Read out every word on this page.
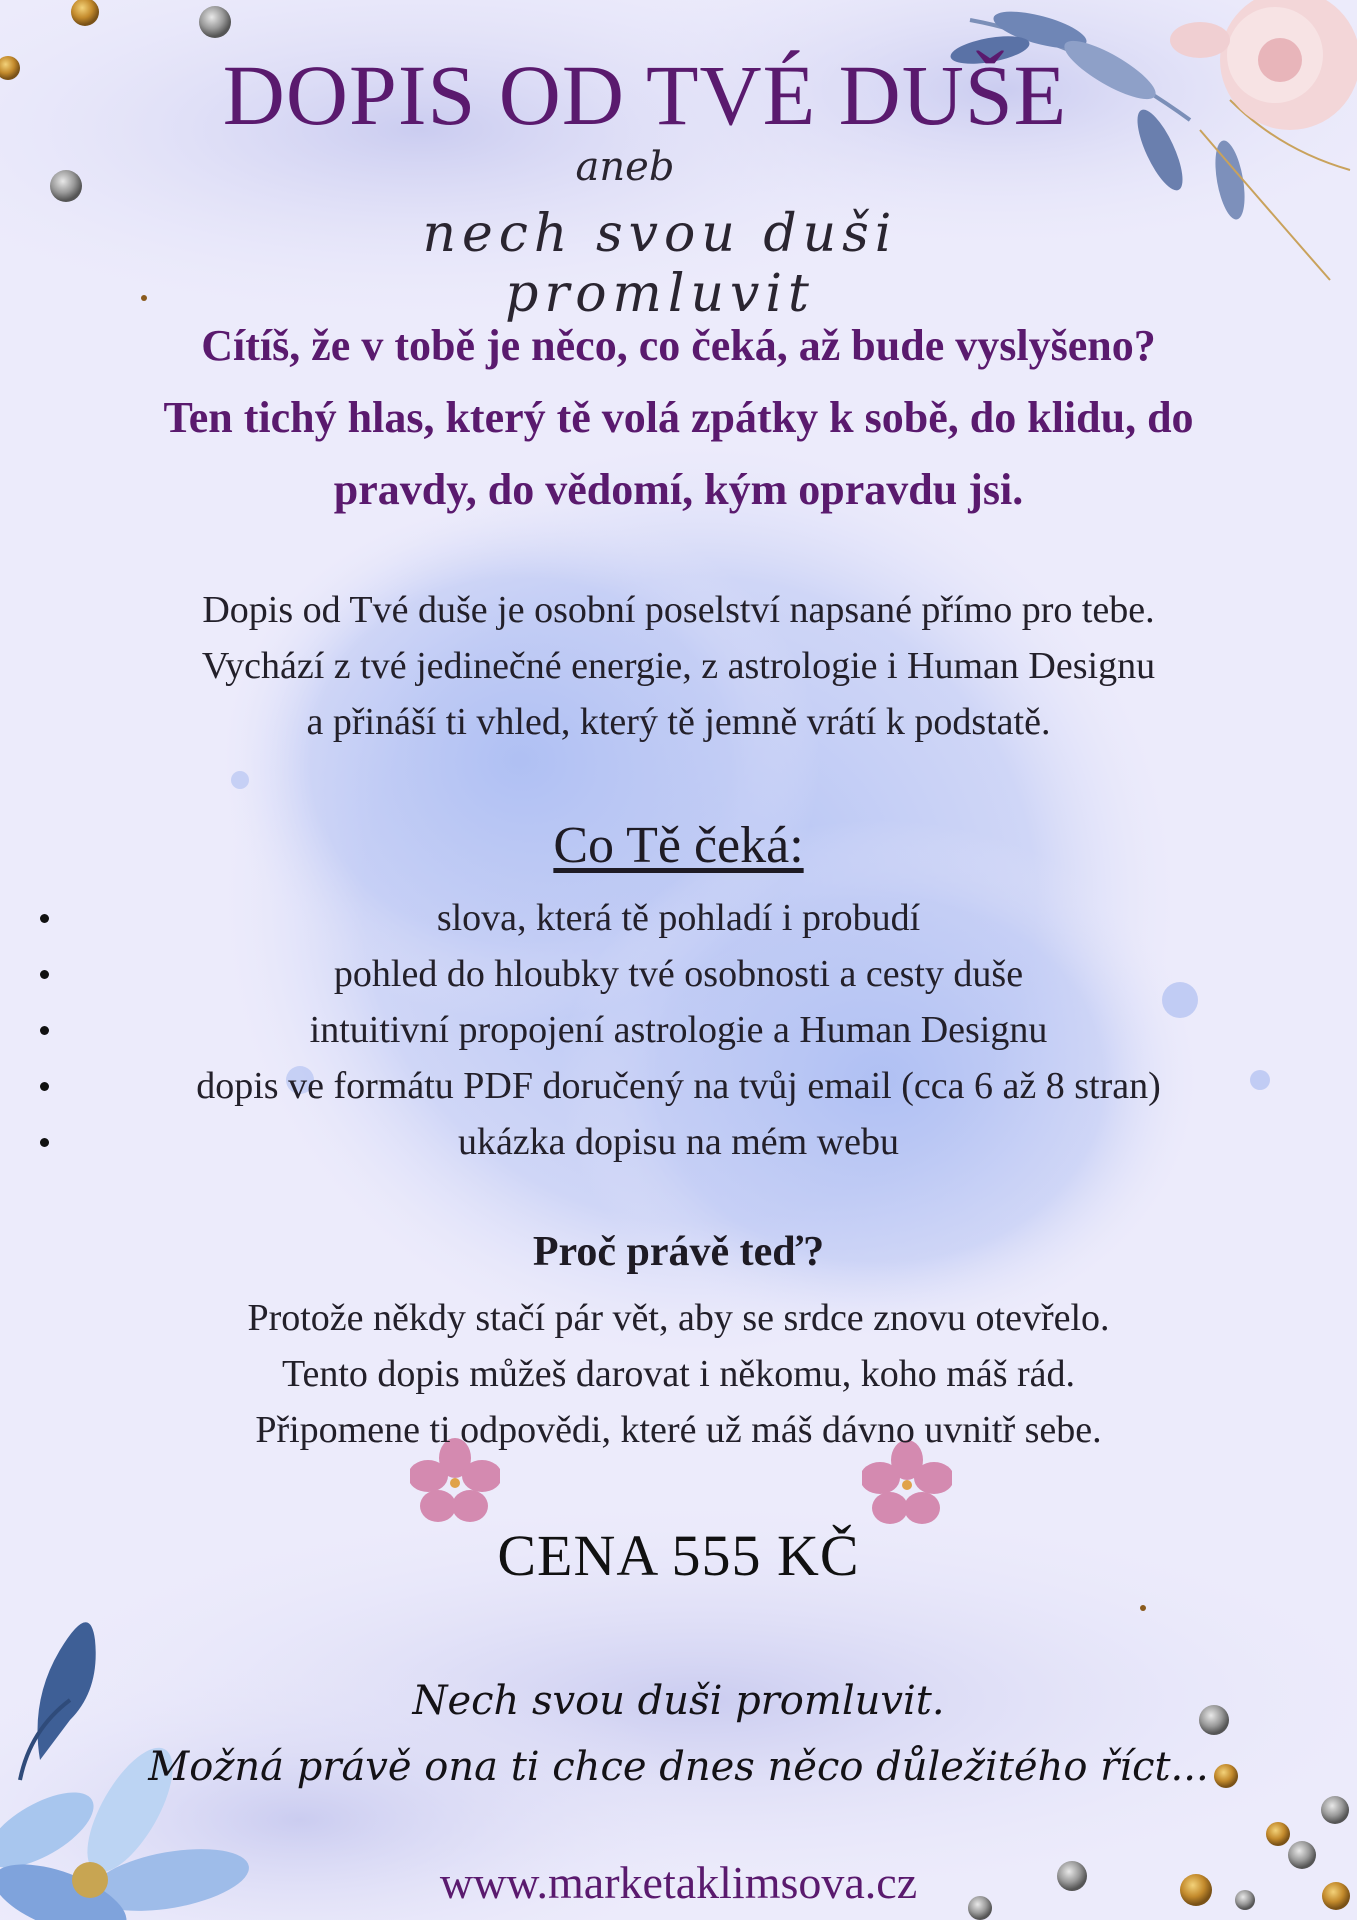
DOPIS OD TVÉ DUŠE
aneb
nech svou duši promluvit
Cítíš, že v tobě je něco, co čeká, až bude vyslyšeno?
Ten tichý hlas, který tě volá zpátky k sobě, do klidu, do
pravdy, do vědomí, kým opravdu jsi.
Dopis od Tvé duše je osobní poselství napsané přímo pro tebe.
Vychází z tvé jedinečné energie, z astrologie i Human Designu
a přináší ti vhled, který tě jemně vrátí k podstatě.
Co Tě čeká:
slova, která tě pohladí i probudí
pohled do hloubky tvé osobnosti a cesty duše
intuitivní propojení astrologie a Human Designu
dopis ve formátu PDF doručený na tvůj email (cca 6 až 8 stran)
ukázka dopisu na mém webu
Proč právě teď?
Protože někdy stačí pár vět, aby se srdce znovu otevřelo.
Tento dopis můžeš darovat i někomu, koho máš rád.
Připomene ti odpovědi, které už máš dávno uvnitř sebe.
CENA 555 KČ
Nech svou duši promluvit.
Možná právě ona ti chce dnes něco důležitého říct...
www.marketaklimsova.cz
